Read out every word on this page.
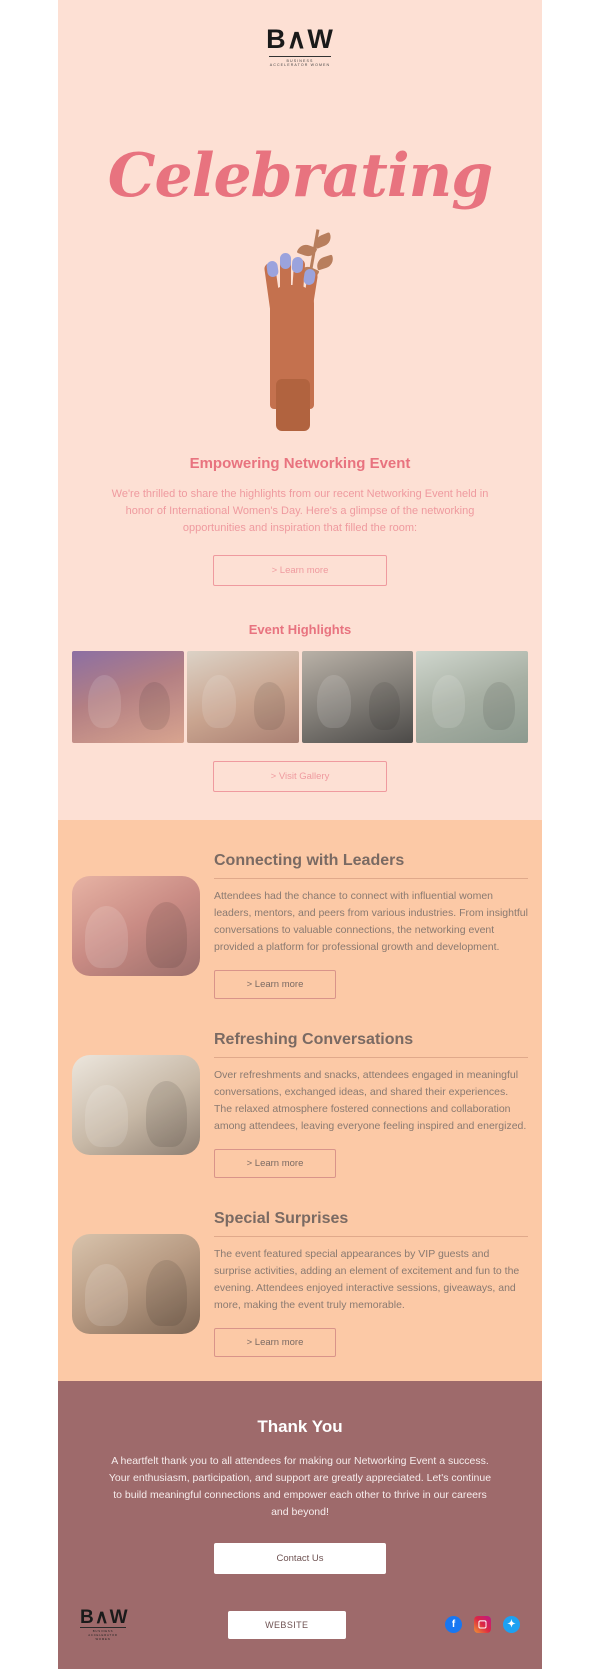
B∧W
BUSINESS ACCELERATOR WOMEN
Celebrating
Empowering Networking Event
We're thrilled to share the highlights from our recent Networking Event held in honor of International Women's Day. Here's a glimpse of the networking opportunities and inspiration that filled the room:
> Learn more
Event Highlights
> Visit Gallery
Connecting with Leaders
Attendees had the chance to connect with influential women leaders, mentors, and peers from various industries. From insightful conversations to valuable connections, the networking event provided a platform for professional growth and development.
> Learn more
Refreshing Conversations
Over refreshments and snacks, attendees engaged in meaningful conversations, exchanged ideas, and shared their experiences. The relaxed atmosphere fostered connections and collaboration among attendees, leaving everyone feeling inspired and energized.
> Learn more
Special Surprises
The event featured special appearances by VIP guests and surprise activities, adding an element of excitement and fun to the evening. Attendees enjoyed interactive sessions, giveaways, and more, making the event truly memorable.
> Learn more
Thank You

A heartfelt thank you to all attendees for making our Networking Event a success. Your enthusiasm, participation, and support are greatly appreciated. Let's continue to build meaningful connections and empower each other to thrive in our careers and beyond!

Contact Us
B∧W
BUSINESS ACCELERATOR WOMEN
WEBSITE	f	▢	✦
